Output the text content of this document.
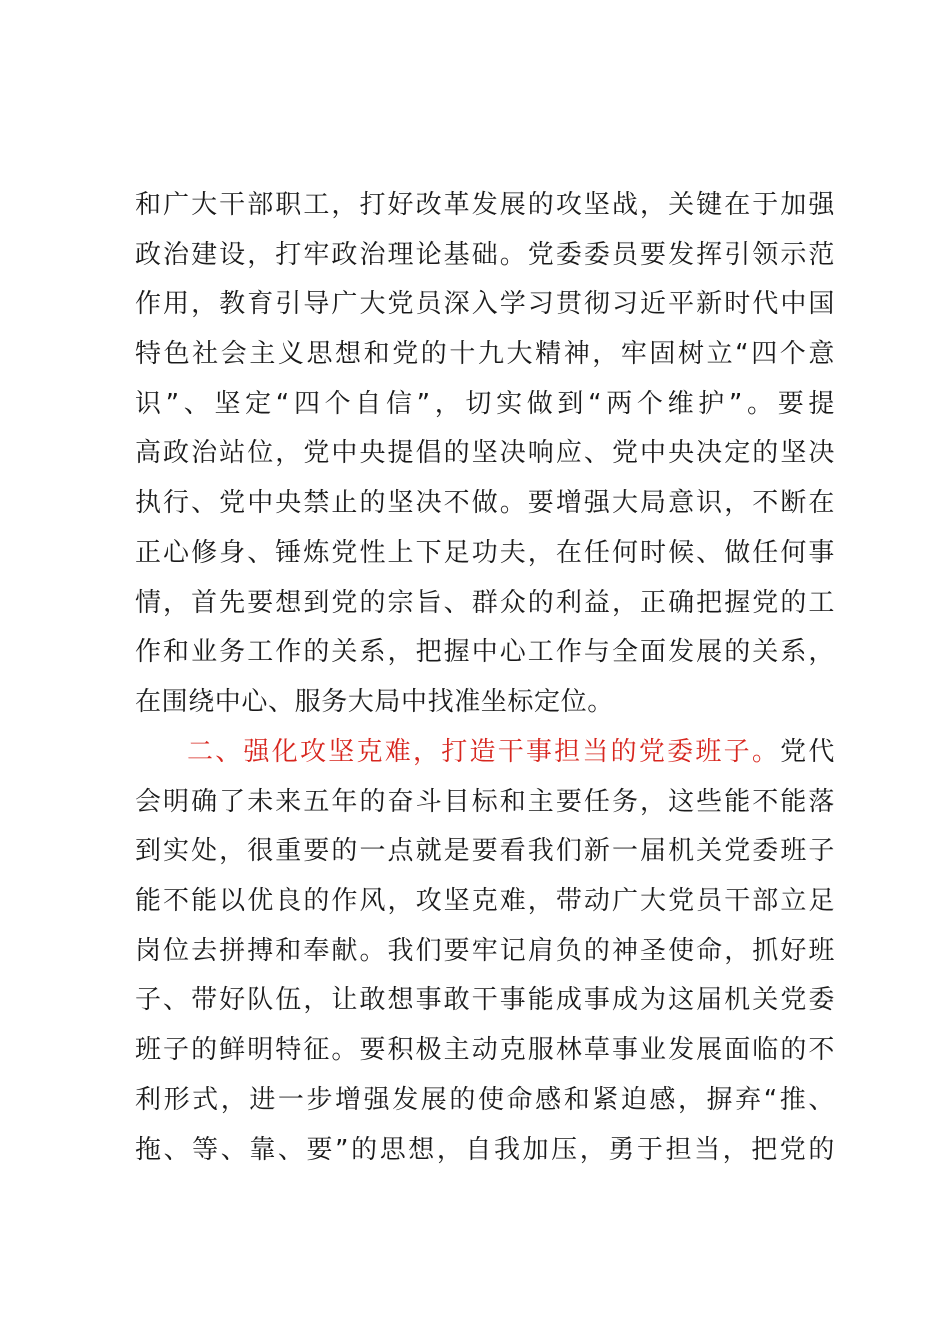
和广大干部职工，打好改革发展的攻坚战，关键在于加强
政治建设，打牢政治理论基础。党委委员要发挥引领示范
作用，教育引导广大党员深入学习贯彻习近平新时代中国
特色社会主义思想和党的十九大精神，牢固树立“四个意
识”、坚定“四个自信”，切实做到“两个维护”。要提
高政治站位，党中央提倡的坚决响应、党中央决定的坚决
执行、党中央禁止的坚决不做。要增强大局意识，不断在
正心修身、锤炼党性上下足功夫，在任何时候、做任何事
情，首先要想到党的宗旨、群众的利益，正确把握党的工
作和业务工作的关系，把握中心工作与全面发展的关系，
在围绕中心、服务大局中找准坐标定位。
二、强化攻坚克难，打造干事担当的党委班子。党代
会明确了未来五年的奋斗目标和主要任务，这些能不能落
到实处，很重要的一点就是要看我们新一届机关党委班子
能不能以优良的作风，攻坚克难，带动广大党员干部立足
岗位去拼搏和奉献。我们要牢记肩负的神圣使命，抓好班
子、带好队伍，让敢想事敢干事能成事成为这届机关党委
班子的鲜明特征。要积极主动克服林草事业发展面临的不
利形式，进一步增强发展的使命感和紧迫感，摒弃“推、
拖、等、靠、要”的思想，自我加压，勇于担当，把党的
